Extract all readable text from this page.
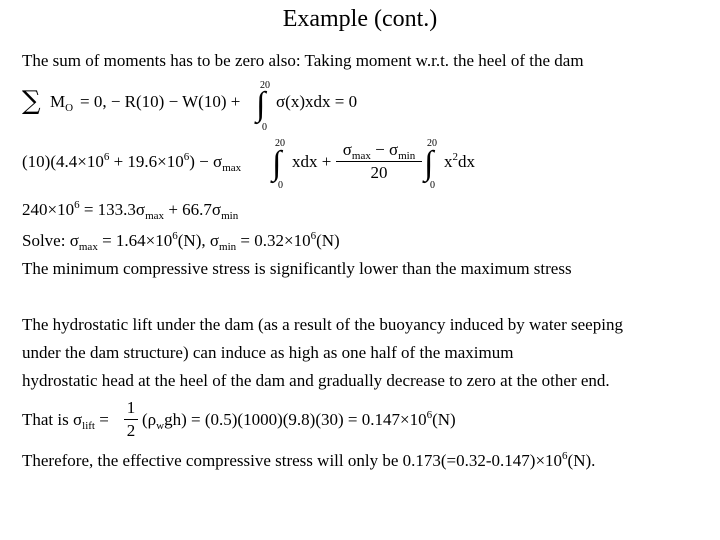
Example (cont.)
The sum of moments has to be zero also: Taking moment w.r.t. the heel of the dam
∑ $M_O = 0$, − R(10) − W(10) +
20
∫
0
σ(x)xdx = 0
$(10)(4.4\times 10^6 + 19.6\times 10^6) - \sigma_{max}$
20
∫
0
xdx +
$\sigma_{max} - \sigma_{min}$
20
20
∫
0
$x^2dx$
$240\times 10^6 = 133.3\sigma_{max} + 66.7\sigma_{min}$
Solve: $\sigma_{max} = 1.64\times 10^6(N)$, $\sigma_{min} = 0.32\times 10^6(N)$
The minimum compressive stress is significantly lower than the maximum stress
The hydrostatic lift under the dam (as a result of the buoyancy induced by water seeping
under the dam structure) can induce as high as one half of the maximum
hydrostatic head at the heel of the dam and gradually decrease to zero at the other end.
That is $\sigma_{lift}$ =
1
2
$(\rho_wgh) = (0.5)(1000)(9.8)(30) = 0.147\times 10^6(N)$
Therefore, the effective compressive stress will only be $0.173(=0.32-0.147)\times 10^6(N)$.
